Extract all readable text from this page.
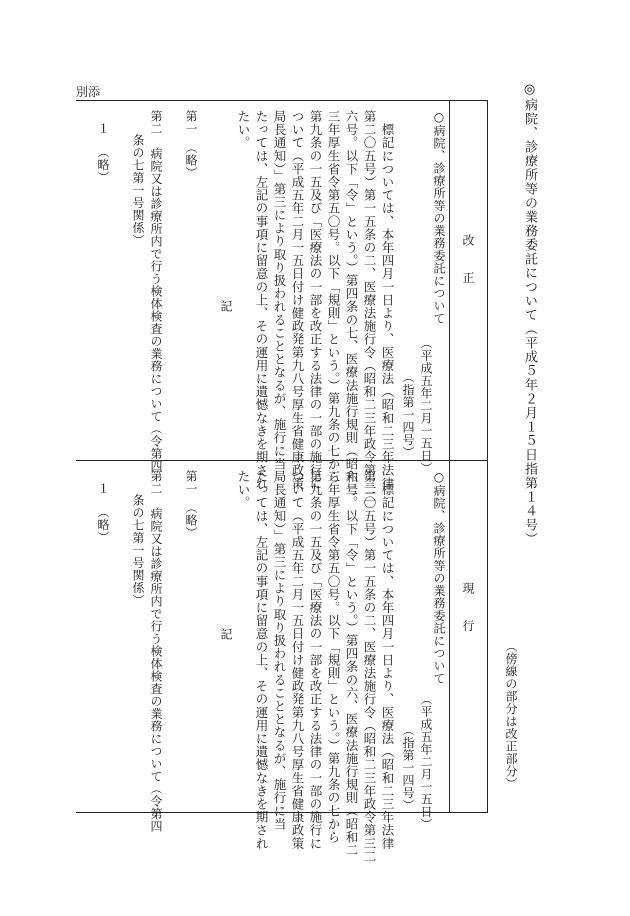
◎病院、診療所等の業務委託について（平成５年２月１５日指第１４号）
（傍線の部分は改正部分）
別添
改　　正
現　　行
○病院、診療所等の業務委託について
（平成五年二月一五日）
（指第一四号）
　標記については、本年四月一日より、医療法（昭和二三年法律
第二〇五号）第一五条の二、医療法施行令（昭和二三年政令第三二
六号。以下「令」という。）第四条の七、医療法施行規則（昭和二
三年厚生省令第五〇号。以下「規則」という。）第九条の七から
第九条の一五及び「医療法の一部を改正する法律の一部の施行に
ついて（平成五年二月一五日付け健政発第九八号厚生省健康政策
局長通知）」第三により取り扱われることとなるが、施行に当
たっては、左記の事項に留意の上、その運用に遺憾なきを期され
たい。
記
第一　（略）
第二　病院又は診療所内で行う検体検査の業務について（令第四
条の七第一号関係）
１
（略）
○病院、診療所等の業務委託について
（平成五年二月一五日）
（指第一四号）
　標記については、本年四月一日より、医療法（昭和二三年法律
第二〇五号）第一五条の二、医療法施行令（昭和二三年政令第三二
六号。以下「令」という。）第四条の六、医療法施行規則（昭和二
三年厚生省令第五〇号。以下「規則」という。）第九条の七から
第九条の一五及び「医療法の一部を改正する法律の一部の施行に
ついて（平成五年二月一五日付け健政発第九八号厚生省健康政策
局長通知）」第三により取り扱われることとなるが、施行に当
たっては、左記の事項に留意の上、その運用に遺憾なきを期され
たい。
記
第一　（略）
第二　病院又は診療所内で行う検体検査の業務について（令第四
条の七第一号関係）
１
（略）
